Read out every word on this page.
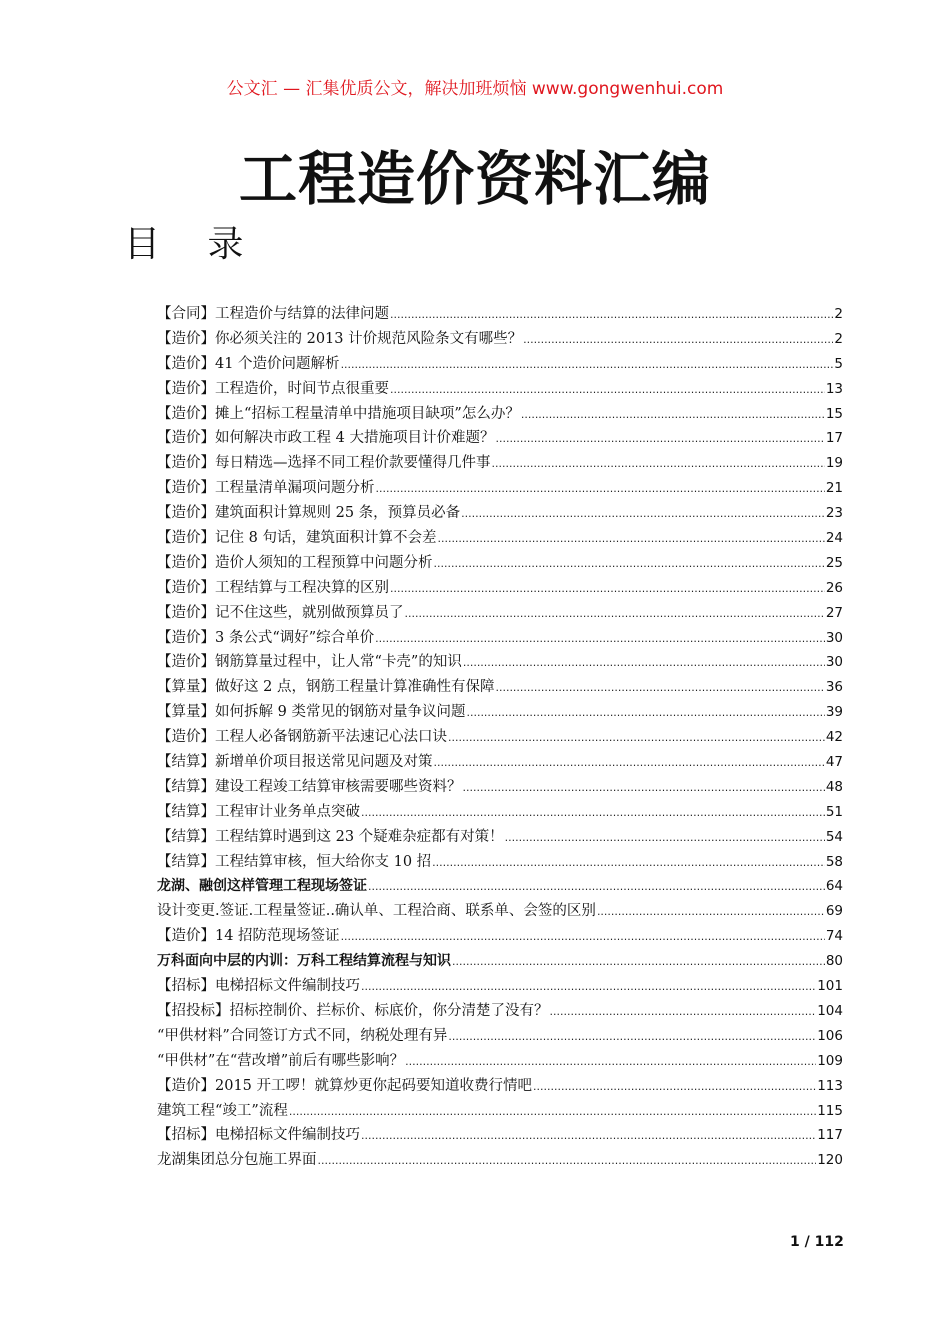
公文汇 — 汇集优质公文，解决加班烦恼 www.gongwenhui.com
工程造价资料汇编
目 录
【合同】工程造价与结算的法律问题 .....	2
【造价】你必须关注的 2013 计价规范风险条文有哪些？ .....	2
【造价】41 个造价问题解析 .....	5
【造价】工程造价，时间节点很重要 .....	13
【造价】摊上“招标工程量清单中措施项目缺项”怎么办？ .....	15
【造价】如何解决市政工程 4 大措施项目计价难题？ .....	17
【造价】每日精选—选择不同工程价款要懂得几件事 .....	19
【造价】工程量清单漏项问题分析 .....	21
【造价】建筑面积计算规则 25 条，预算员必备 .....	23
【造价】记住 8 句话，建筑面积计算不会差 .....	24
【造价】造价人须知的工程预算中问题分析 .....	25
【造价】工程结算与工程决算的区别 .....	26
【造价】记不住这些，就别做预算员了 .....	27
【造价】3 条公式“调好”综合单价 .....	30
【造价】钢筋算量过程中，让人常“卡壳”的知识 .....	30
【算量】做好这 2 点，钢筋工程量计算准确性有保障 .....	36
【算量】如何拆解 9 类常见的钢筋对量争议问题 .....	39
【造价】工程人必备钢筋新平法速记心法口诀 .....	42
【结算】新增单价项目报送常见问题及对策 .....	47
【结算】建设工程竣工结算审核需要哪些资料？ .....	48
【结算】工程审计业务单点突破 .....	51
【结算】工程结算时遇到这 23 个疑难杂症都有对策！ .....	54
【结算】工程结算审核，恒大给你支 10 招 .....	58
龙湖、融创这样管理工程现场签证 .....	64
设计变更.签证.工程量签证..确认单、工程洽商、联系单、会签的区别 .....	69
【造价】14 招防范现场签证 .....	74
万科面向中层的内训：万科工程结算流程与知识 .....	80
【招标】电梯招标文件编制技巧 .....	101
【招投标】招标控制价、拦标价、标底价，你分清楚了没有？ .....	104
“甲供材料”合同签订方式不同，纳税处理有异 .....	106
“甲供材”在“营改增”前后有哪些影响？ .....	109
【造价】2015 开工啰！就算炒更你起码要知道收费行情吧 .....	113
建筑工程“竣工”流程 .....	115
【招标】电梯招标文件编制技巧 .....	117
龙湖集团总分包施工界面 .....	120
1 / 112
